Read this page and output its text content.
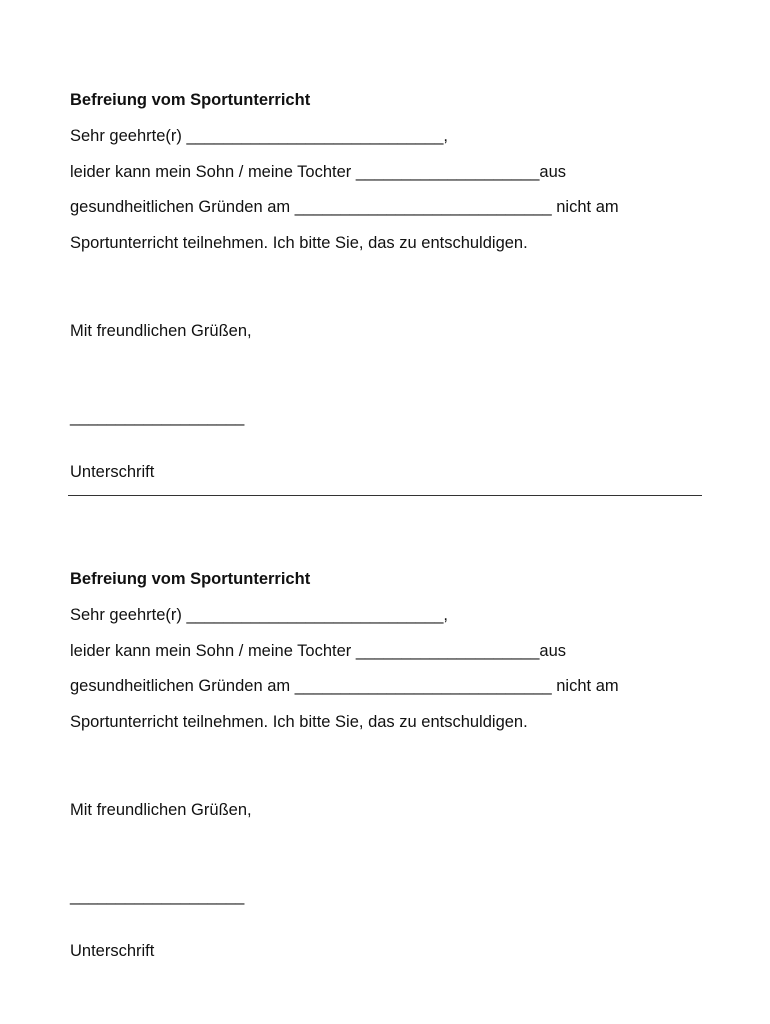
Befreiung vom Sportunterricht
Sehr geehrte(r) ____________________________,
leider kann mein Sohn / meine Tochter ____________________aus
gesundheitlichen Gründen am ____________________________ nicht am
Sportunterricht teilnehmen. Ich bitte Sie, das zu entschuldigen.
Mit freundlichen Grüßen,
___________________
Unterschrift
Befreiung vom Sportunterricht
Sehr geehrte(r) ____________________________,
leider kann mein Sohn / meine Tochter ____________________aus
gesundheitlichen Gründen am ____________________________ nicht am
Sportunterricht teilnehmen. Ich bitte Sie, das zu entschuldigen.
Mit freundlichen Grüßen,
___________________
Unterschrift
